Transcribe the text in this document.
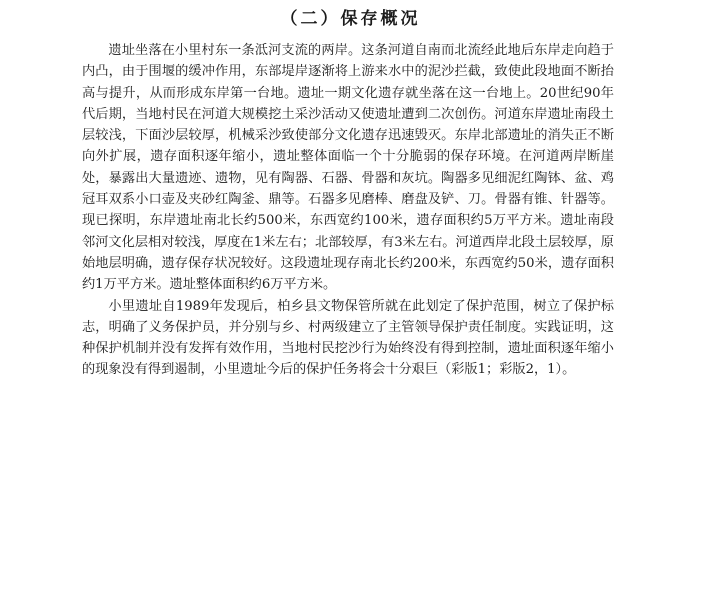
（二）保存概况

遗址坐落在小里村东一条泜河支流的两岸。这条河道自南而北流经此地后东岸走向趋于内凸，由于围堰的缓冲作用，东部堤岸逐渐将上游来水中的泥沙拦截，致使此段地面不断抬高与提升，从而形成东岸第一台地。遗址一期文化遗存就坐落在这一台地上。20世纪90年代后期，当地村民在河道大规模挖土采沙活动又使遗址遭到二次创伤。河道东岸遗址南段土层较浅，下面沙层较厚，机械采沙致使部分文化遗存迅速毁灭。东岸北部遗址的消失正不断向外扩展，遗存面积逐年缩小，遗址整体面临一个十分脆弱的保存环境。在河道两岸断崖处，暴露出大量遗迹、遗物，见有陶器、石器、骨器和灰坑。陶器多见细泥红陶钵、盆、鸡冠耳双系小口壶及夹砂红陶釜、鼎等。石器多见磨棒、磨盘及铲、刀。骨器有锥、针器等。现已探明，东岸遗址南北长约500米，东西宽约100米，遗存面积约5万平方米。遗址南段邻河文化层相对较浅，厚度在1米左右；北部较厚，有3米左右。河道西岸北段土层较厚，原始地层明确，遗存保存状况较好。这段遗址现存南北长约200米，东西宽约50米，遗存面积约1万平方米。遗址整体面积约6万平方米。

小里遗址自1989年发现后，柏乡县文物保管所就在此划定了保护范围，树立了保护标志，明确了义务保护员，并分别与乡、村两级建立了主管领导保护责任制度。实践证明，这种保护机制并没有发挥有效作用，当地村民挖沙行为始终没有得到控制，遗址面积逐年缩小的现象没有得到遏制，小里遗址今后的保护任务将会十分艰巨（彩版1；彩版2，1）。
